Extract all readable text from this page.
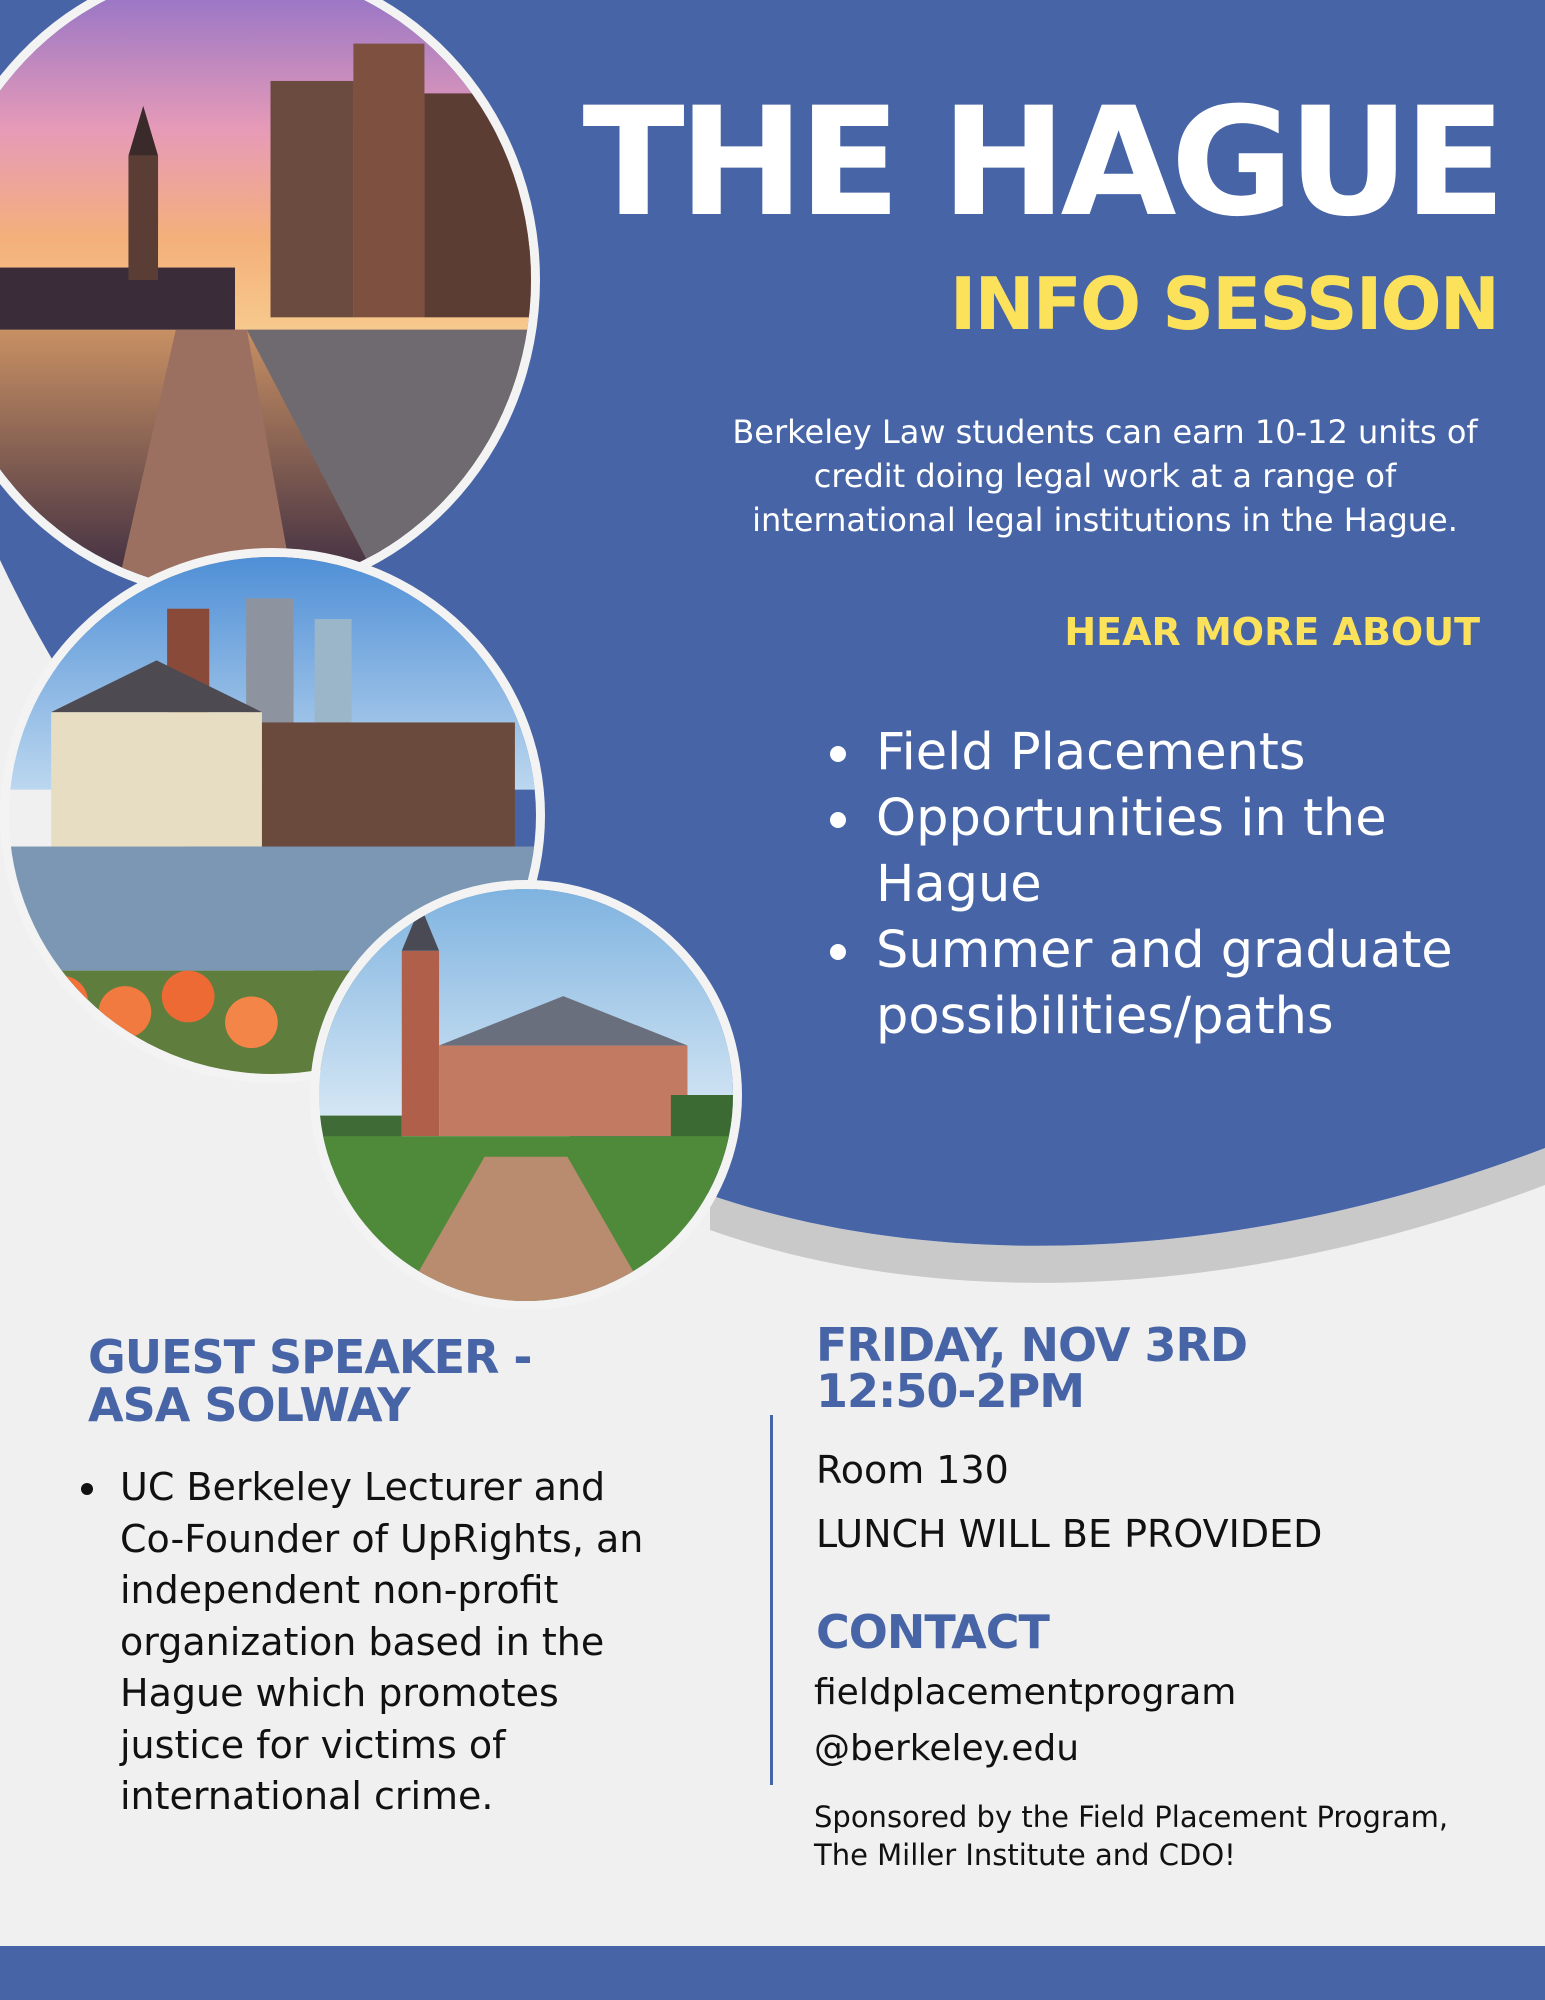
THE HAGUE
INFO SESSION
Berkeley Law students can earn 10-12 units of
credit doing legal work at a range of
international legal institutions in the Hague.
HEAR MORE ABOUT
Field Placements
Opportunities in the Hague
Summer and graduate possibilities/paths
GUEST SPEAKER -
ASA SOLWAY
UC Berkeley Lecturer and Co-Founder of UpRights, an independent non-profit organization based in the Hague which promotes justice for victims of international crime.
FRIDAY, NOV 3RD
12:50-2PM
Room 130
LUNCH WILL BE PROVIDED
CONTACT
fieldplacementprogram
@berkeley.edu
Sponsored by the Field Placement Program,
The Miller Institute and CDO!
